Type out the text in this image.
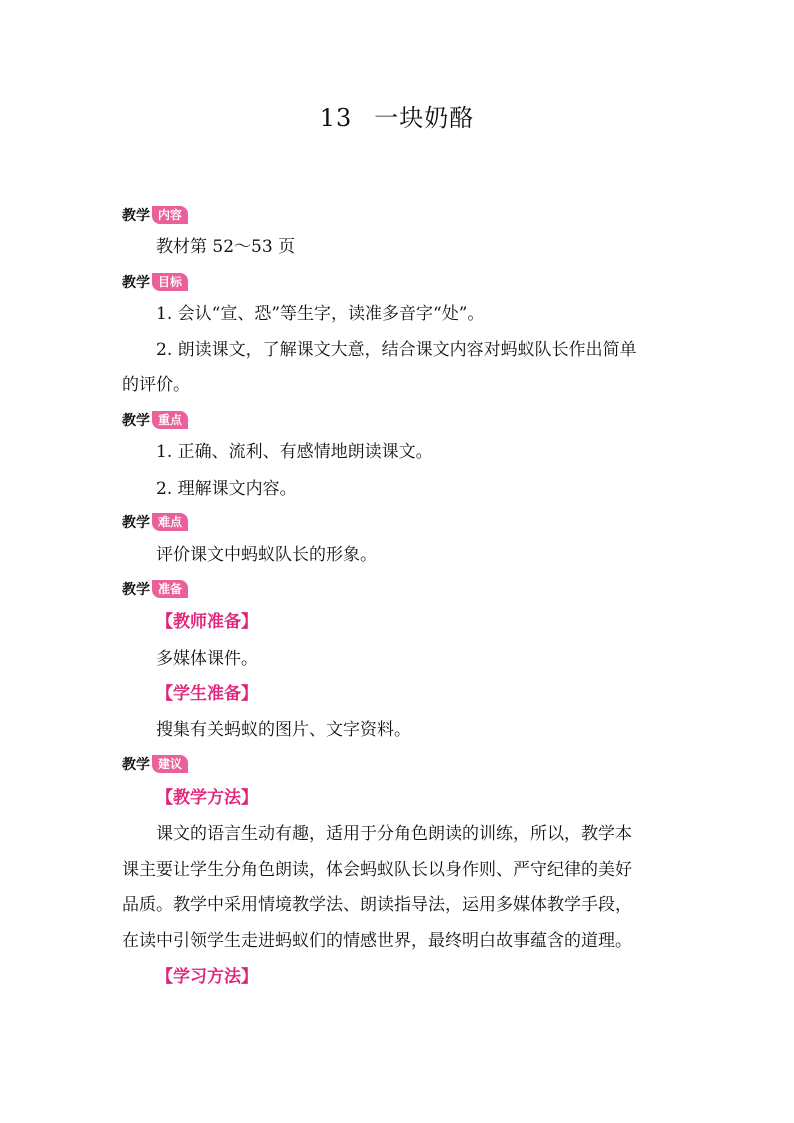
13 一块奶酪
教学 内容
教材第 52～53 页
教学 目标
1. 会认“宣、恐”等生字，读准多音字“处”。
2. 朗读课文，了解课文大意，结合课文内容对蚂蚁队长作出简单
的评价。
教学 重点
1. 正确、流利、有感情地朗读课文。
2. 理解课文内容。
教学 难点
评价课文中蚂蚁队长的形象。
教学 准备
【教师准备】
多媒体课件。
【学生准备】
搜集有关蚂蚁的图片、文字资料。
教学 建议
【教学方法】
课文的语言生动有趣，适用于分角色朗读的训练，所以，教学本
课主要让学生分角色朗读，体会蚂蚁队长以身作则、严守纪律的美好
品质。教学中采用情境教学法、朗读指导法，运用多媒体教学手段，
在读中引领学生走进蚂蚁们的情感世界，最终明白故事蕴含的道理。
【学习方法】
